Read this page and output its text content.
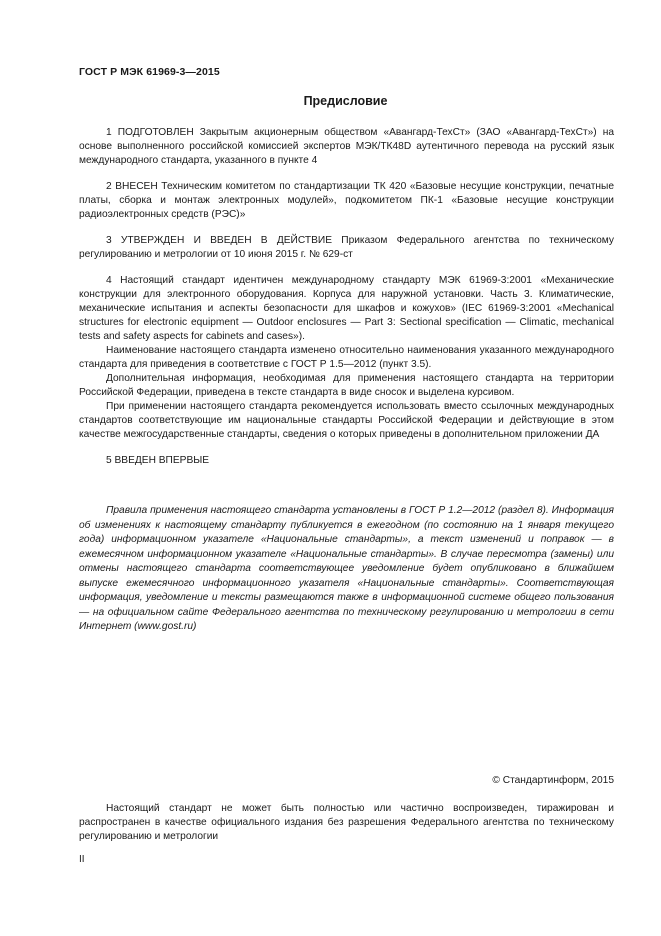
ГОСТ Р МЭК 61969-3—2015
Предисловие

1 ПОДГОТОВЛЕН Закрытым акционерным обществом «Авангард-ТехСт» (ЗАО «Авангард-ТехСт») на основе выполненного российской комиссией экспертов МЭК/ТК48D аутентичного перевода на русский язык международного стандарта, указанного в пункте 4

2 ВНЕСЕН Техническим комитетом по стандартизации ТК 420 «Базовые несущие конструкции, печатные платы, сборка и монтаж электронных модулей», подкомитетом ПК-1 «Базовые несущие конструкции радиоэлектронных средств (РЭС)»

3 УТВЕРЖДЕН И ВВЕДЕН В ДЕЙСТВИЕ Приказом Федерального агентства по техническому регулированию и метрологии от 10 июня 2015 г. № 629-ст

4 Настоящий стандарт идентичен международному стандарту МЭК 61969-3:2001 «Механические конструкции для электронного оборудования. Корпуса для наружной установки. Часть 3. Климатические, механические испытания и аспекты безопасности для шкафов и кожухов» (IEC 61969-3:2001 «Mechanical structures for electronic equipment — Outdoor enclosures — Part 3: Sectional specification — Climatic, mechanical tests and safety aspects for cabinets and cases»).

Наименование настоящего стандарта изменено относительно наименования указанного международного стандарта для приведения в соответствие с ГОСТ Р 1.5—2012 (пункт 3.5).

Дополнительная информация, необходимая для применения настоящего стандарта на территории Российской Федерации, приведена в тексте стандарта в виде сносок и выделена курсивом.

При применении настоящего стандарта рекомендуется использовать вместо ссылочных международных стандартов соответствующие им национальные стандарты Российской Федерации и действующие в этом качестве межгосударственные стандарты, сведения о которых приведены в дополнительном приложении ДА

5 ВВЕДЕН ВПЕРВЫЕ

Правила применения настоящего стандарта установлены в ГОСТ Р 1.2—2012 (раздел 8). Информация об изменениях к настоящему стандарту публикуется в ежегодном (по состоянию на 1 января текущего года) информационном указателе «Национальные стандарты», а текст изменений и поправок — в ежемесячном информационном указателе «Национальные стандарты». В случае пересмотра (замены) или отмены настоящего стандарта соответствующее уведомление будет опубликовано в ближайшем выпуске ежемесячного информационного указателя «Национальные стандарты». Соответствующая информация, уведомление и тексты размещаются также в информационной системе общего пользования — на официальном сайте Федерального агентства по техническому регулированию и метрологии в сети Интернет (www.gost.ru)
© Стандартинформ, 2015
Настоящий стандарт не может быть полностью или частично воспроизведен, тиражирован и распространен в качестве официального издания без разрешения Федерального агентства по техническому регулированию и метрологии
II
